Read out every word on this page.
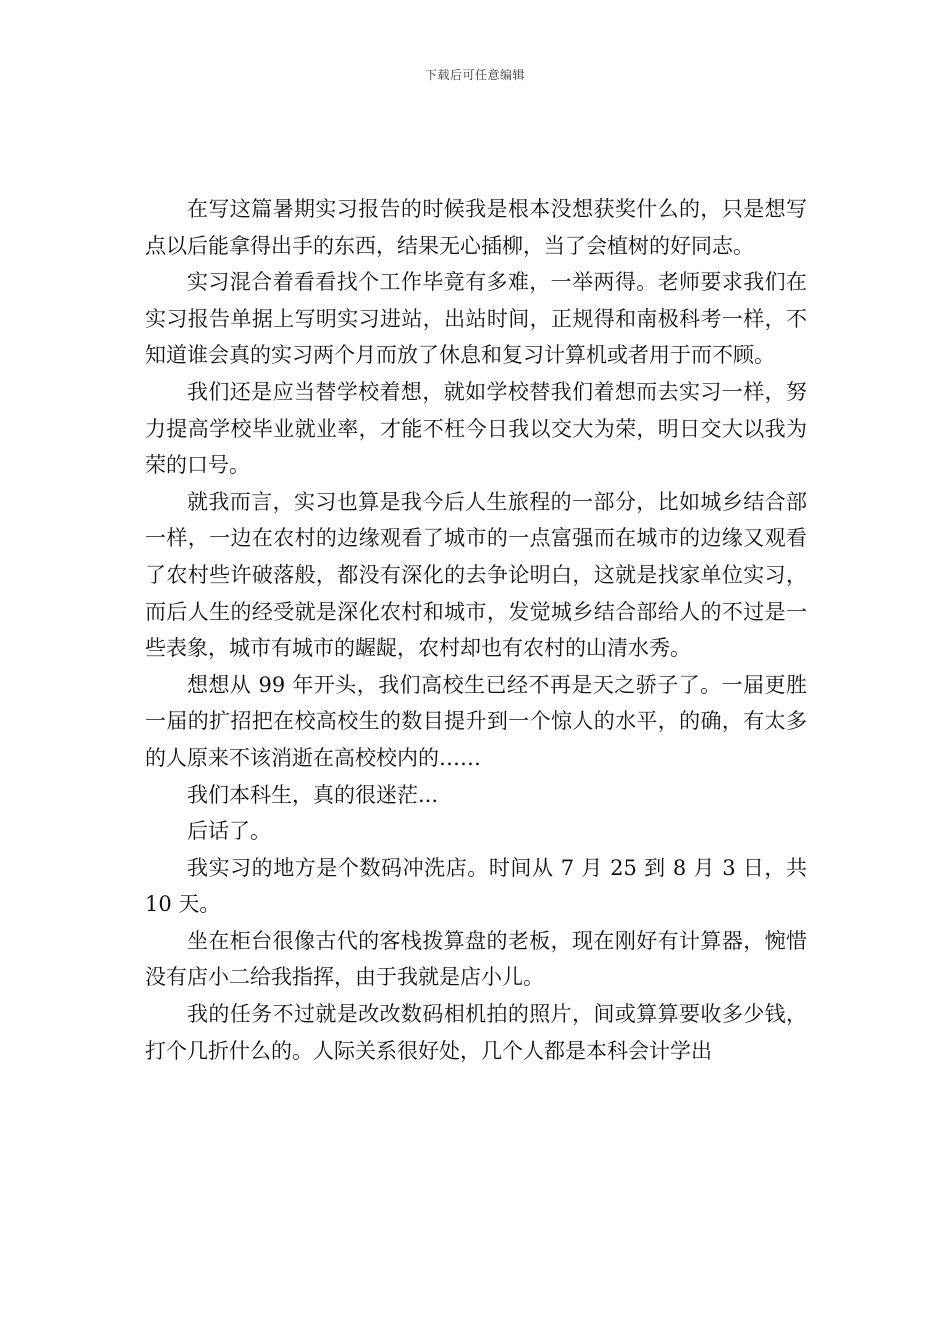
下载后可任意编辑

在写这篇暑期实习报告的时候我是根本没想获奖什么的，只是想写点以后能拿得出手的东西，结果无心插柳，当了会植树的好同志。

实习混合着看看找个工作毕竟有多难，一举两得。老师要求我们在实习报告单据上写明实习进站，出站时间，正规得和南极科考一样，不知道谁会真的实习两个月而放了休息和复习计算机或者用于而不顾。

我们还是应当替学校着想，就如学校替我们着想而去实习一样，努力提高学校毕业就业率，才能不枉今日我以交大为荣，明日交大以我为荣的口号。

就我而言，实习也算是我今后人生旅程的一部分，比如城乡结合部一样，一边在农村的边缘观看了城市的一点富强而在城市的边缘又观看了农村些许破落般，都没有深化的去争论明白，这就是找家单位实习，而后人生的经受就是深化农村和城市，发觉城乡结合部给人的不过是一些表象，城市有城市的龌龊，农村却也有农村的山清水秀。

想想从 99 年开头，我们高校生已经不再是天之骄子了。一届更胜一届的扩招把在校高校生的数目提升到一个惊人的水平，的确，有太多的人原来不该消逝在高校校内的……

我们本科生，真的很迷茫...

后话了。

我实习的地方是个数码冲洗店。时间从 7 月 25 到 8 月 3 日，共 10 天。

坐在柜台很像古代的客栈拨算盘的老板，现在刚好有计算器，惋惜没有店小二给我指挥，由于我就是店小儿。

我的任务不过就是改改数码相机拍的照片，间或算算要收多少钱，打个几折什么的。人际关系很好处，几个人都是本科会计学出
